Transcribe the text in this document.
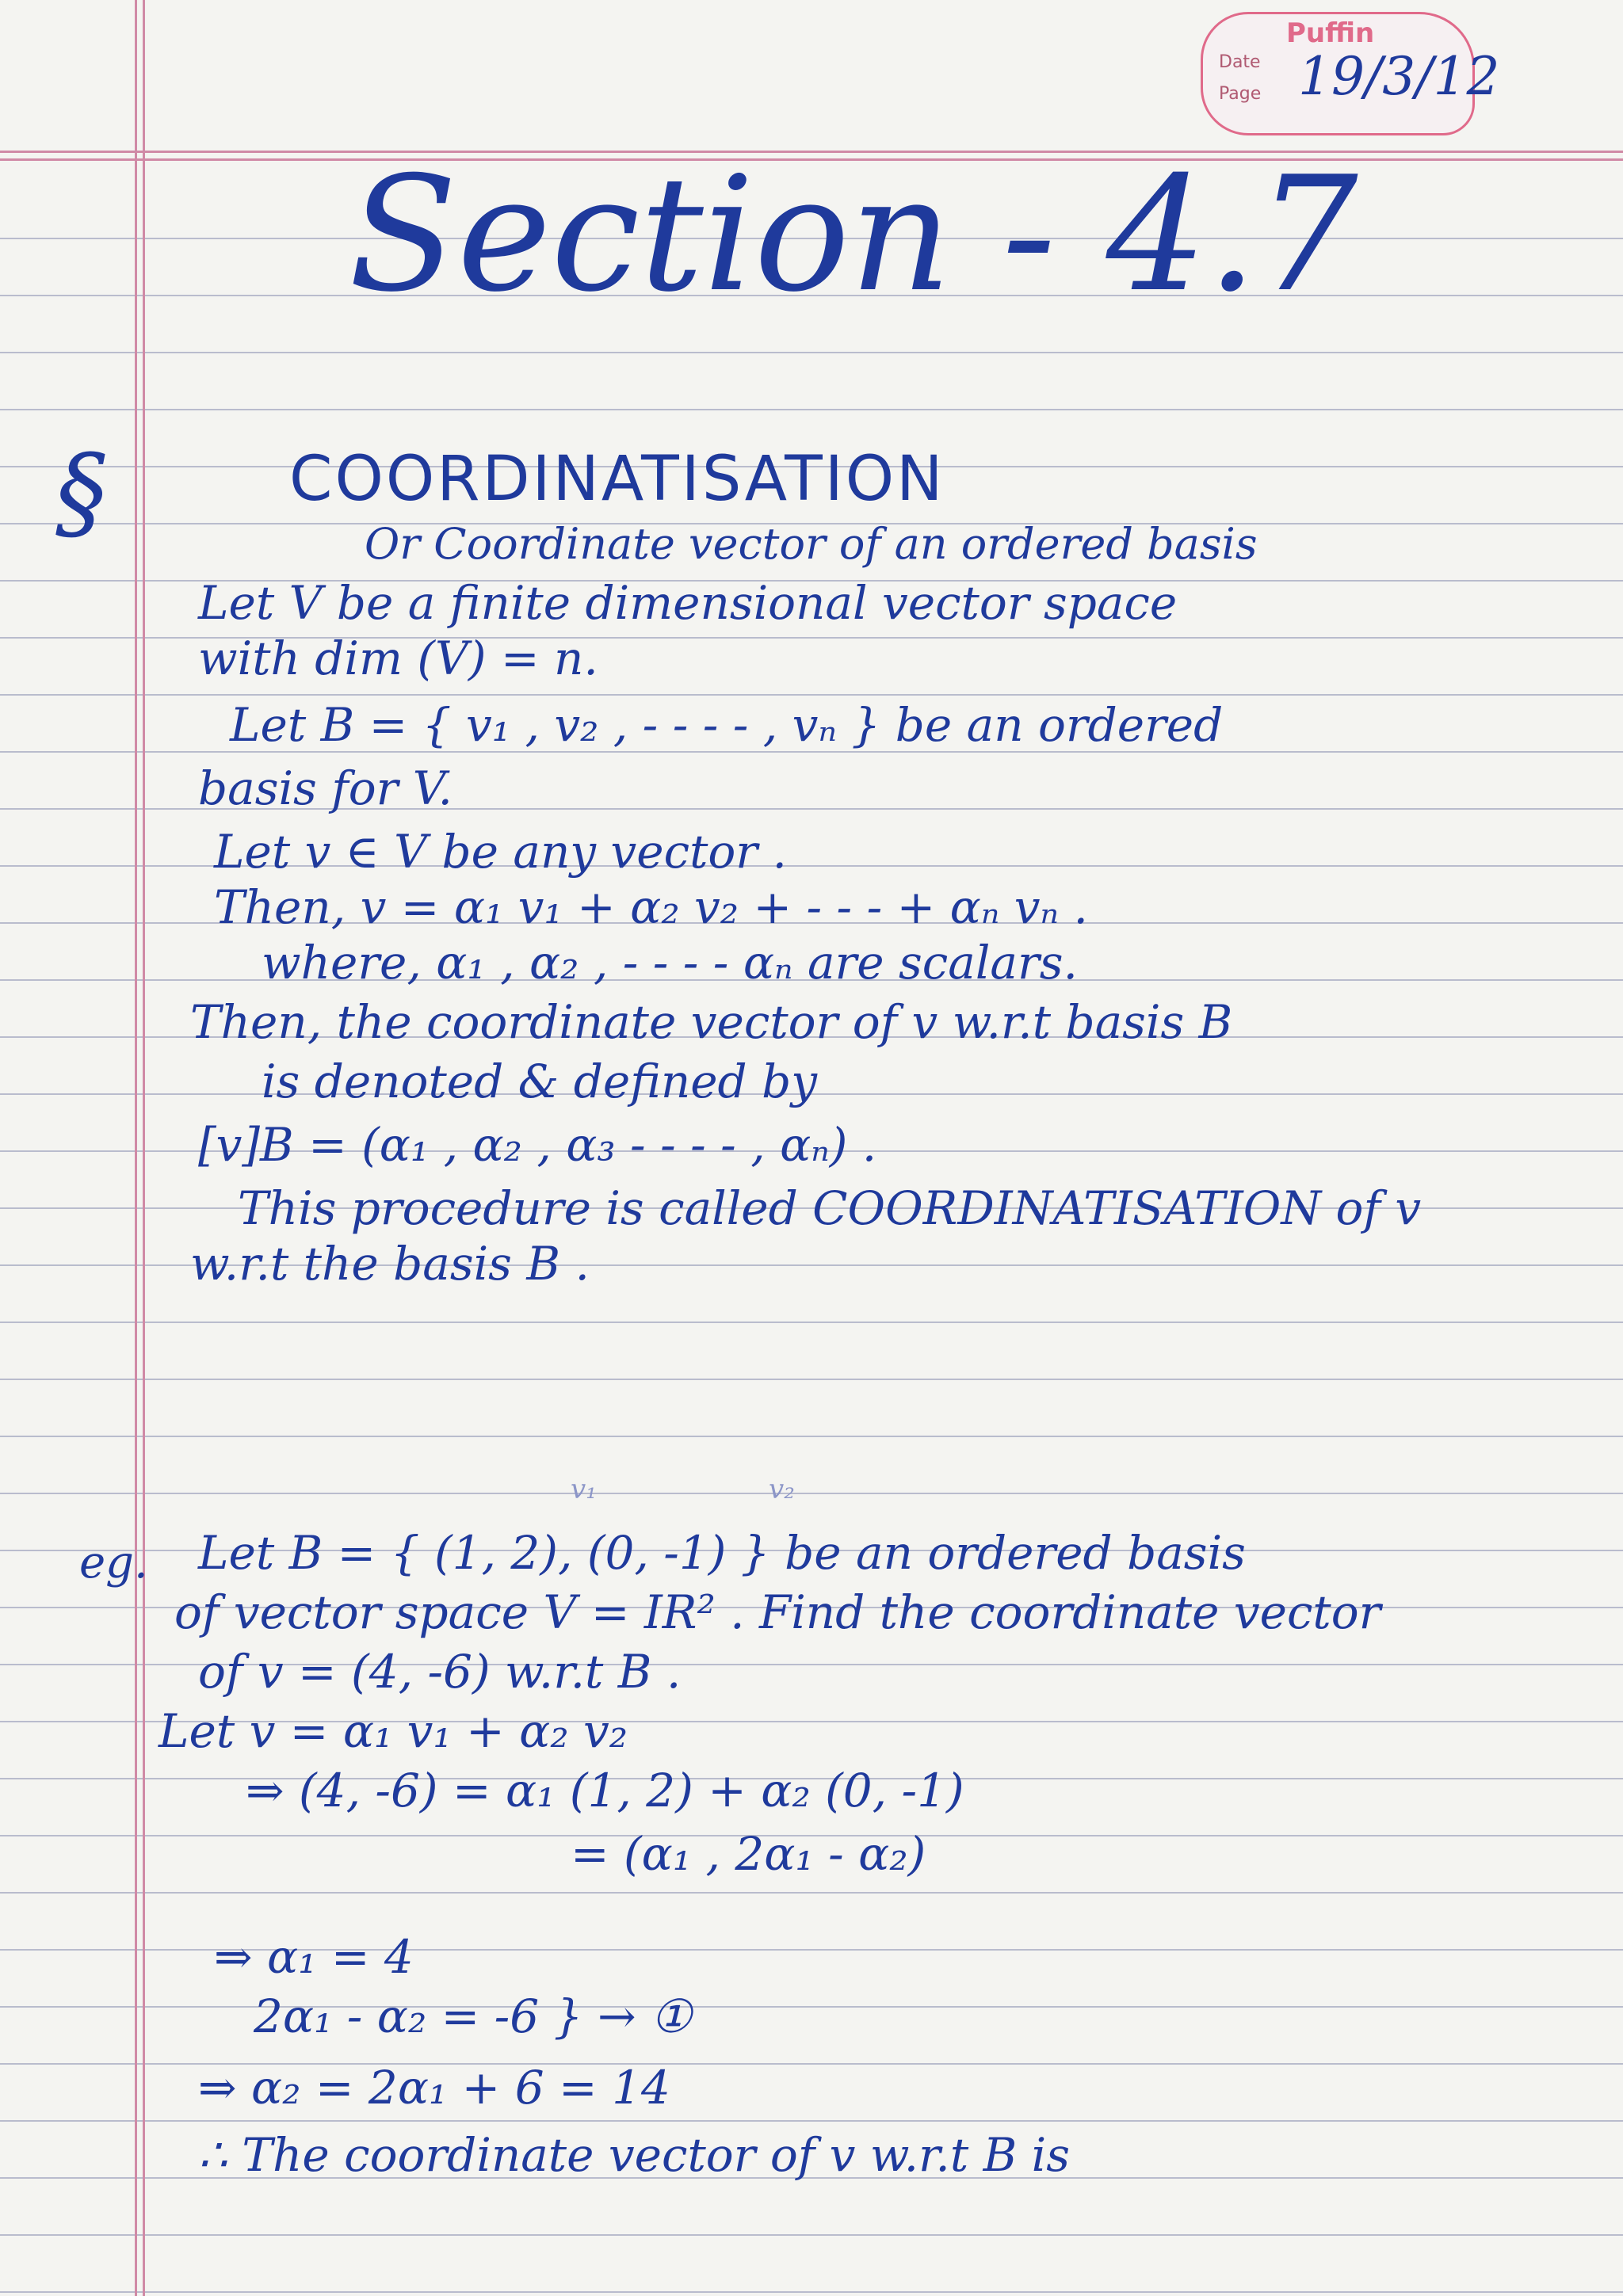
Puffin
Date
Page 19/3/12
Section - 4.7
§	COORDINATISATION
Or Coordinate vector of an ordered basis
Let V be a finite dimensional vector space
with dim (V) = n.
Let B = { v₁ , v₂ , - - - - , vₙ } be an ordered
basis for V.
Let v ∈ V be any vector .
Then, v = α₁ v₁ + α₂ v₂ + - - - + αₙ vₙ .
where, α₁ , α₂ , - - - - αₙ are scalars.
Then, the coordinate vector of v w.r.t basis B
is denoted & defined by
[v]B = (α₁ , α₂ , α₃ - - - - , αₙ) .
This procedure is called COORDINATISATION of v
w.r.t the basis B .
v₁	v₂
eg. Let B = { (1, 2), (0, -1) } be an ordered basis
of vector space V = IR² . Find the coordinate vector
of v = (4, -6) w.r.t B .
Let v = α₁ v₁ + α₂ v₂
⇒ (4, -6) = α₁ (1, 2) + α₂ (0, -1)
= (α₁ , 2α₁ - α₂)
⇒ α₁ = 4
2α₁ - α₂ = -6 } → ①
⇒ α₂ = 2α₁ + 6 = 14
∴ The coordinate vector of v w.r.t B is
